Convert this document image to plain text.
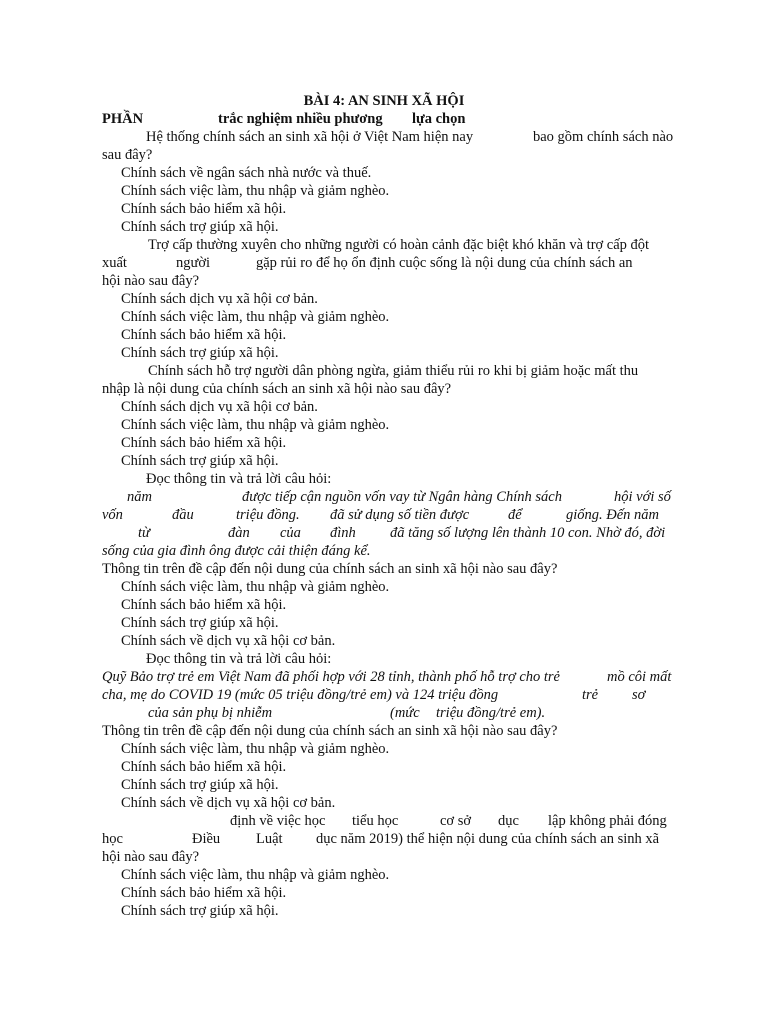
BÀI 4: AN SINH XÃ HỘI
PHẦN	trắc nghiệm nhiều phương lựa chọn
Hệ thống chính sách an sinh xã hội ở Việt Nam hiện nay	bao gồm chính sách nào
sau đây?
Chính sách về ngân sách nhà nước và thuế.
Chính sách việc làm, thu nhập và giảm nghèo.
Chính sách bảo hiểm xã hội.
Chính sách trợ giúp xã hội.
Trợ cấp thường xuyên cho những người có hoàn cảnh đặc biệt khó khăn và trợ cấp đột
xuất	người	gặp rủi ro để họ ổn định cuộc sống là nội dung của chính sách an
hội nào sau đây?
Chính sách dịch vụ xã hội cơ bản.
Chính sách việc làm, thu nhập và giảm nghèo.
Chính sách bảo hiểm xã hội.
Chính sách trợ giúp xã hội.
Chính sách hỗ trợ người dân phòng ngừa, giảm thiểu rủi ro khi bị giảm hoặc mất thu
nhập là nội dung của chính sách an sinh xã hội nào sau đây?
Chính sách dịch vụ xã hội cơ bản.
Chính sách việc làm, thu nhập và giảm nghèo.
Chính sách bảo hiểm xã hội.
Chính sách trợ giúp xã hội.
Đọc thông tin và trả lời câu hỏi:
năm	được tiếp cận nguồn vốn vay từ Ngân hàng Chính sách	hội với số
vốn	đầu	triệu đồng. đã sử dụng số tiền được	để	giống. Đến năm
từ	đàn của đình đã tăng số lượng lên thành 10 con. Nhờ đó, đời
sống của gia đình ông được cải thiện đáng kể.
Thông tin trên đề cập đến nội dung của chính sách an sinh xã hội nào sau đây?
Chính sách việc làm, thu nhập và giảm nghèo.
Chính sách bảo hiểm xã hội.
Chính sách trợ giúp xã hội.
Chính sách về dịch vụ xã hội cơ bản.
Đọc thông tin và trả lời câu hỏi:
Quỹ Bảo trợ trẻ em Việt Nam đã phối hợp với 28 tỉnh, thành phố hỗ trợ cho trẻ	mồ côi mất
cha, mẹ do COVID 19 (mức 05 triệu đồng/trẻ em) và 124 triệu đồng	trẻ sơ
của sản phụ bị nhiễm	(mức triệu đồng/trẻ em).
Thông tin trên đề cập đến nội dung của chính sách an sinh xã hội nào sau đây?
Chính sách việc làm, thu nhập và giảm nghèo.
Chính sách bảo hiểm xã hội.
Chính sách trợ giúp xã hội.
Chính sách về dịch vụ xã hội cơ bản.
định về việc học tiểu học	cơ sở dục lập không phải đóng
học	Điều Luật dục năm 2019) thể hiện nội dung của chính sách an sinh xã
hội nào sau đây?
Chính sách việc làm, thu nhập và giảm nghèo.
Chính sách bảo hiểm xã hội.
Chính sách trợ giúp xã hội.
